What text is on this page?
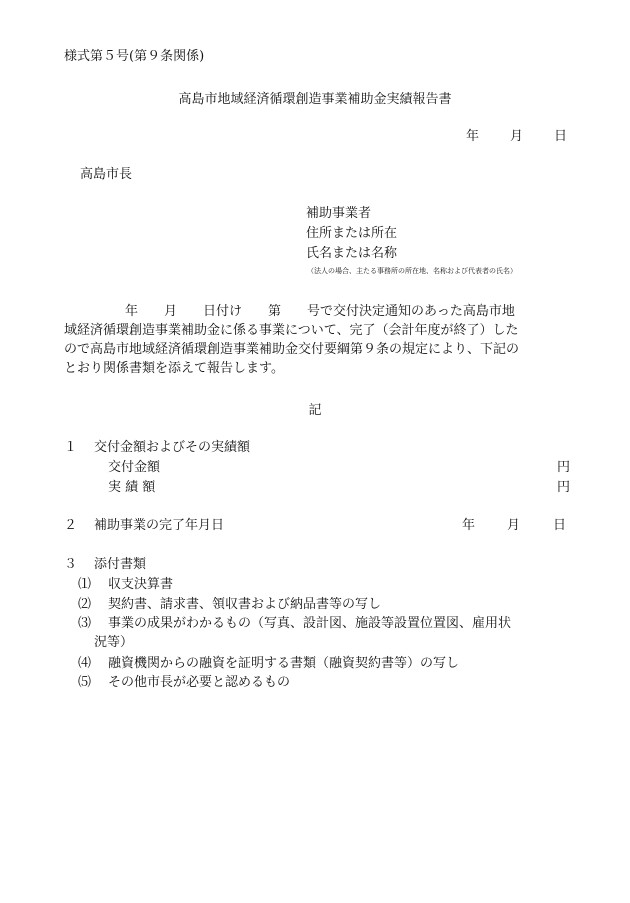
様式第５号(第９条関係)
高島市地域経済循環創造事業補助金実績報告書
年 月 日
高島市長
補助事業者
住所または所在
氏名または名称
（法人の場合、主たる事務所の所在地、名称および代表者の氏名）
年　　月　　日付け　　第　　号で交付決定通知のあった高島市地
域経済循環創造事業補助金に係る事業について、完了（会計年度が終了）した
ので高島市地域経済循環創造事業補助金交付要綱第９条の規定により、下記の
とおり関係書類を添えて報告します。
記
１ 交付金額およびその実績額
交付金額	円
実 績 額	円
２ 補助事業の完了年月日	年 月	日
３ 添付書類
⑴ 収支決算書
⑵ 契約書、請求書、領収書および納品書等の写し
⑶ 事業の成果がわかるもの（写真、設計図、施設等設置位置図、雇用状
況等）
⑷ 融資機関からの融資を証明する書類（融資契約書等）の写し
⑸ その他市長が必要と認めるもの
